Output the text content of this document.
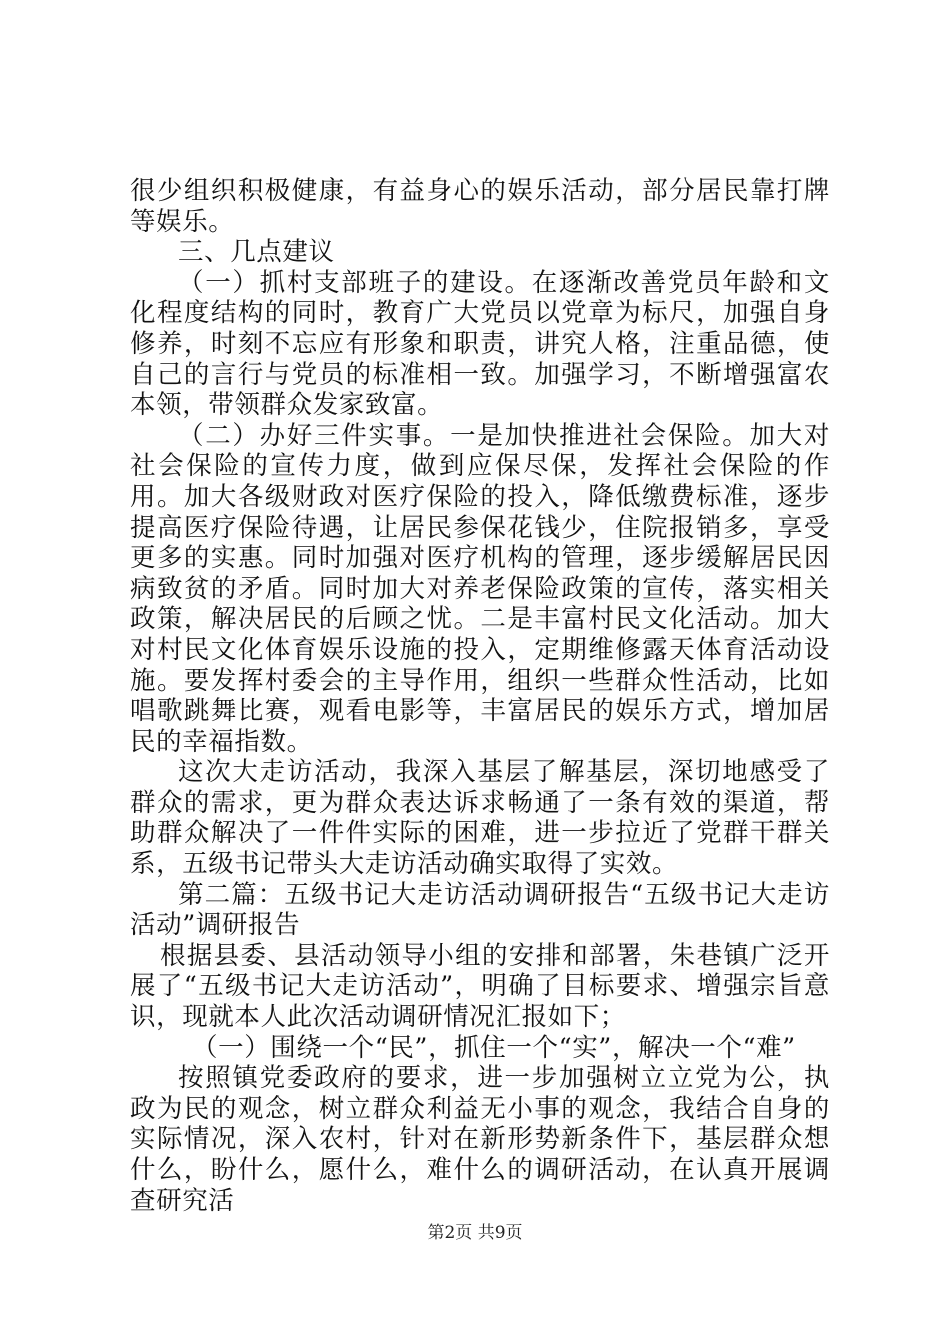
很少组织积极健康，有益身心的娱乐活动，部分居民靠打牌等娱乐。

三、几点建议

（一）抓村支部班子的建设。在逐渐改善党员年龄和文化程度结构的同时，教育广大党员以党章为标尺，加强自身修养，时刻不忘应有形象和职责，讲究人格，注重品德，使自己的言行与党员的标准相一致。加强学习，不断增强富农本领，带领群众发家致富。

（二）办好三件实事。一是加快推进社会保险。加大对社会保险的宣传力度，做到应保尽保，发挥社会保险的作用。加大各级财政对医疗保险的投入，降低缴费标准，逐步提高医疗保险待遇，让居民参保花钱少，住院报销多，享受更多的实惠。同时加强对医疗机构的管理，逐步缓解居民因病致贫的矛盾。同时加大对养老保险政策的宣传，落实相关政策，解决居民的后顾之忧。二是丰富村民文化活动。加大对村民文化体育娱乐设施的投入，定期维修露天体育活动设施。要发挥村委会的主导作用，组织一些群众性活动，比如唱歌跳舞比赛，观看电影等，丰富居民的娱乐方式，增加居民的幸福指数。

这次大走访活动，我深入基层了解基层，深切地感受了群众的需求，更为群众表达诉求畅通了一条有效的渠道，帮助群众解决了一件件实际的困难，进一步拉近了党群干群关系，五级书记带头大走访活动确实取得了实效。

第二篇：五级书记大走访活动调研报告“五级书记大走访活动”调研报告

根据县委、县活动领导小组的安排和部署，朱巷镇广泛开展了“五级书记大走访活动”，明确了目标要求、增强宗旨意识，现就本人此次活动调研情况汇报如下；

（一）围绕一个“民”，抓住一个“实”，解决一个“难”

按照镇党委政府的要求，进一步加强树立立党为公，执政为民的观念，树立群众利益无小事的观念，我结合自身的实际情况，深入农村，针对在新形势新条件下，基层群众想什么，盼什么，愿什么，难什么的调研活动，在认真开展调查研究活

第2页 共9页
